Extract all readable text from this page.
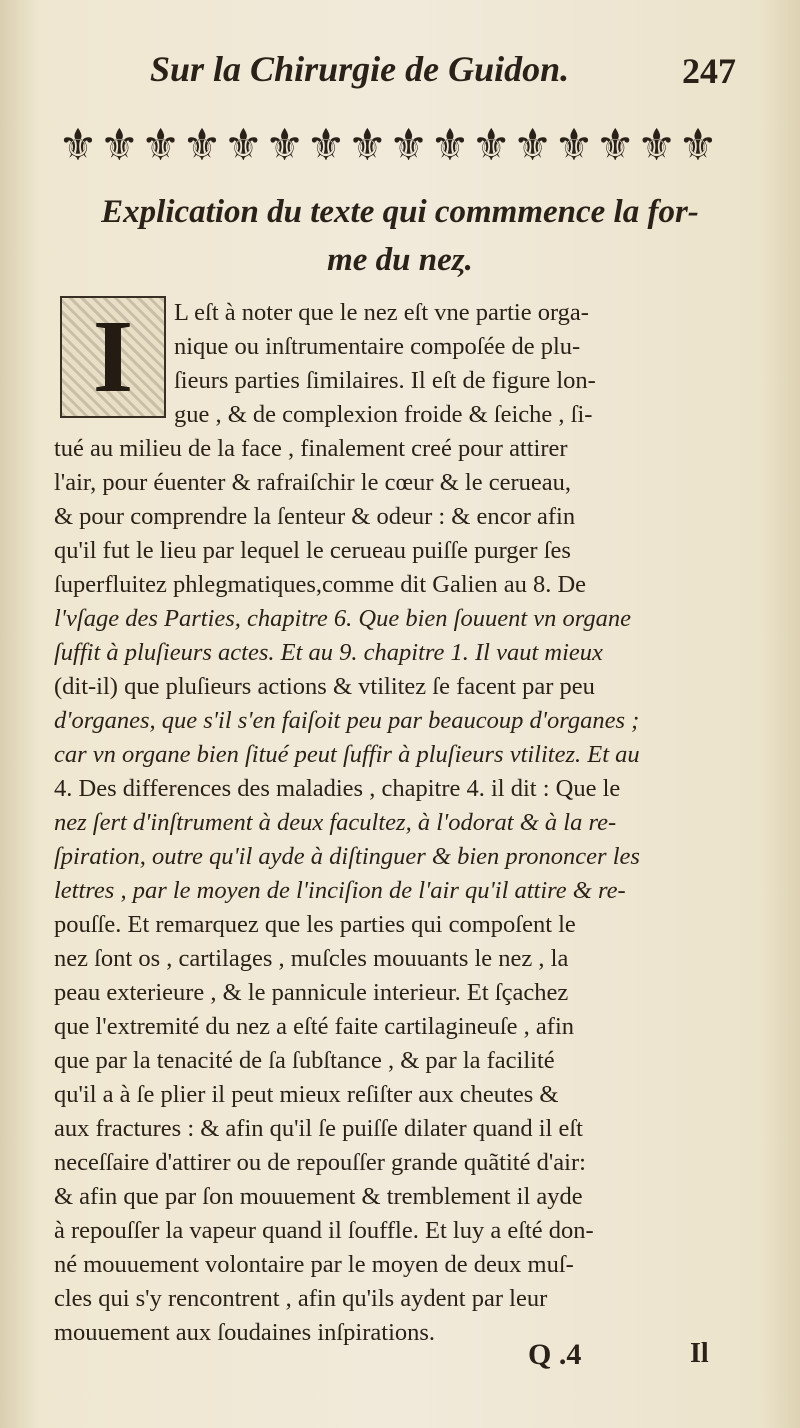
Sur la Chirurgie de Guidon.	247
⚜ ⚜ ⚜ ⚜ ⚜ ⚜ ⚜ ⚜ ⚜ ⚜ ⚜ ⚜ ⚜ ⚜ ⚜ ⚜
Explication du texte qui commmence la for-
me du neȥ.
L eſt à noter que le nez eſt vne partie orga-
nique ou inſtrumentaire compoſée de plu-
ſieurs parties ſimilaires. Il eſt de figure lon-
gue , & de complexion froide & ſeiche , ſi-
tué au milieu de la face , finalement creé pour attirer
l'air, pour éuenter & rafraiſchir le cœur & le cerueau,
& pour comprendre la ſenteur & odeur : & encor afin
qu'il fut le lieu par lequel le cerueau puiſſe purger ſes
ſuperfluitez phlegmatiques,comme dit Galien au 8. De
l'vſage des Parties, chapitre 6. Que bien ſouuent vn organe
ſuffit à pluſieurs actes. Et au 9. chapitre 1. Il vaut mieux
(dit-il) que pluſieurs actions & vtilitez ſe facent par peu
d'organes, que s'il s'en faiſoit peu par beaucoup d'organes ;
car vn organe bien ſitué peut ſuffir à pluſieurs vtilitez. Et au
4. Des differences des maladies , chapitre 4. il dit : Que le
nez ſert d'inſtrument à deux facultez, à l'odorat & à la re-
ſpiration, outre qu'il ayde à diſtinguer & bien prononcer les
lettres , par le moyen de l'inciſion de l'air qu'il attire & re-
pouſſe. Et remarquez que les parties qui compoſent le
nez ſont os , cartilages , muſcles mouuants le nez , la
peau exterieure , & le pannicule interieur. Et ſçachez
que l'extremité du nez a eſté faite cartilagineuſe , afin
que par la tenacité de ſa ſubſtance , & par la facilité
qu'il a à ſe plier il peut mieux reſiſter aux cheutes &
aux fractures : & afin qu'il ſe puiſſe dilater quand il eſt
neceſſaire d'attirer ou de repouſſer grande quãtité d'air:
& afin que par ſon mouuement & tremblement il ayde
à repouſſer la vapeur quand il ſouffle. Et luy a eſté don-
né mouuement volontaire par le moyen de deux muſ-
cles qui s'y rencontrent , afin qu'ils aydent par leur
mouuement aux ſoudaines inſpirations.
I
Q .4	Il
